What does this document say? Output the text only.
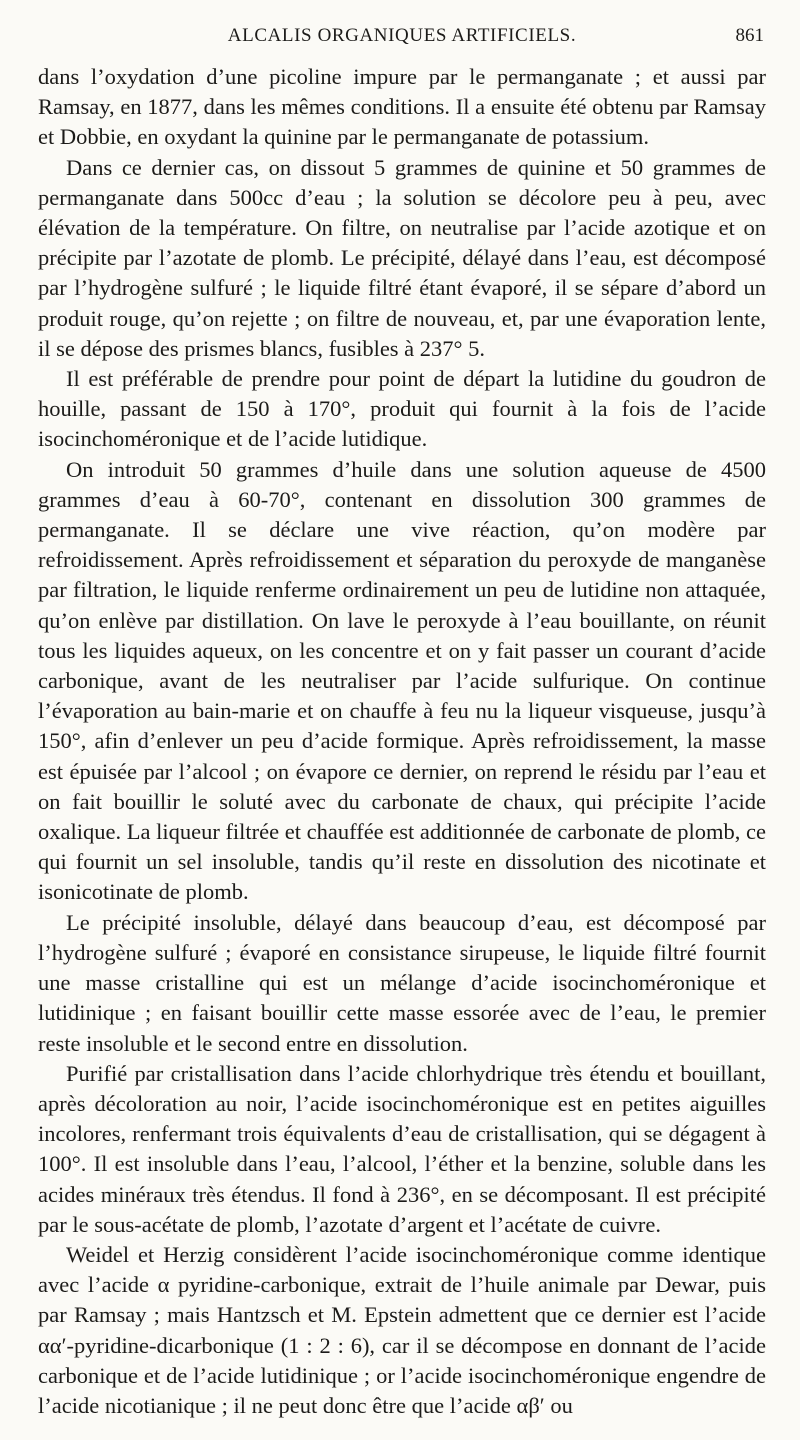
ALCALIS ORGANIQUES ARTIFICIELS.	861

dans l’oxydation d’une picoline impure par le permanganate ; et aussi par Ramsay, en 1877, dans les mêmes conditions. Il a ensuite été obtenu par Ramsay et Dobbie, en oxydant la quinine par le permanganate de potassium.

Dans ce dernier cas, on dissout 5 grammes de quinine et 50 grammes de permanganate dans 500cc d’eau ; la solution se décolore peu à peu, avec élévation de la température. On filtre, on neutralise par l’acide azotique et on précipite par l’azotate de plomb. Le précipité, délayé dans l’eau, est décomposé par l’hydrogène sulfuré ; le liquide filtré étant évaporé, il se sépare d’abord un produit rouge, qu’on rejette ; on filtre de nouveau, et, par une évaporation lente, il se dépose des prismes blancs, fusibles à 237° 5.

Il est préférable de prendre pour point de départ la lutidine du goudron de houille, passant de 150 à 170°, produit qui fournit à la fois de l’acide isocinchoméronique et de l’acide lutidique.

On introduit 50 grammes d’huile dans une solution aqueuse de 4500 grammes d’eau à 60-70°, contenant en dissolution 300 grammes de permanganate. Il se déclare une vive réaction, qu’on modère par refroidissement. Après refroidissement et séparation du peroxyde de manganèse par filtration, le liquide renferme ordinairement un peu de lutidine non attaquée, qu’on enlève par distillation. On lave le peroxyde à l’eau bouillante, on réunit tous les liquides aqueux, on les concentre et on y fait passer un courant d’acide carbonique, avant de les neutraliser par l’acide sulfurique. On continue l’évaporation au bain-marie et on chauffe à feu nu la liqueur visqueuse, jusqu’à 150°, afin d’enlever un peu d’acide formique. Après refroidissement, la masse est épuisée par l’alcool ; on évapore ce dernier, on reprend le résidu par l’eau et on fait bouillir le soluté avec du carbonate de chaux, qui précipite l’acide oxalique. La liqueur filtrée et chauffée est additionnée de carbonate de plomb, ce qui fournit un sel insoluble, tandis qu’il reste en dissolution des nicotinate et isonicotinate de plomb.

Le précipité insoluble, délayé dans beaucoup d’eau, est décomposé par l’hydrogène sulfuré ; évaporé en consistance sirupeuse, le liquide filtré fournit une masse cristalline qui est un mélange d’acide isocinchoméronique et lutidinique ; en faisant bouillir cette masse essorée avec de l’eau, le premier reste insoluble et le second entre en dissolution.

Purifié par cristallisation dans l’acide chlorhydrique très étendu et bouillant, après décoloration au noir, l’acide isocinchoméronique est en petites aiguilles incolores, renfermant trois équivalents d’eau de cristallisation, qui se dégagent à 100°. Il est insoluble dans l’eau, l’alcool, l’éther et la benzine, soluble dans les acides minéraux très étendus. Il fond à 236°, en se décomposant. Il est précipité par le sous-acétate de plomb, l’azotate d’argent et l’acétate de cuivre.

Weidel et Herzig considèrent l’acide isocinchoméronique comme identique avec l’acide α pyridine-carbonique, extrait de l’huile animale par Dewar, puis par Ramsay ; mais Hantzsch et M. Epstein admettent que ce dernier est l’acide αα′-pyridine-dicarbonique (1 : 2 : 6), car il se décompose en donnant de l’acide carbonique et de l’acide lutidinique ; or l’acide isocinchoméronique engendre de l’acide nicotianique ; il ne peut donc être que l’acide αβ′ ou
